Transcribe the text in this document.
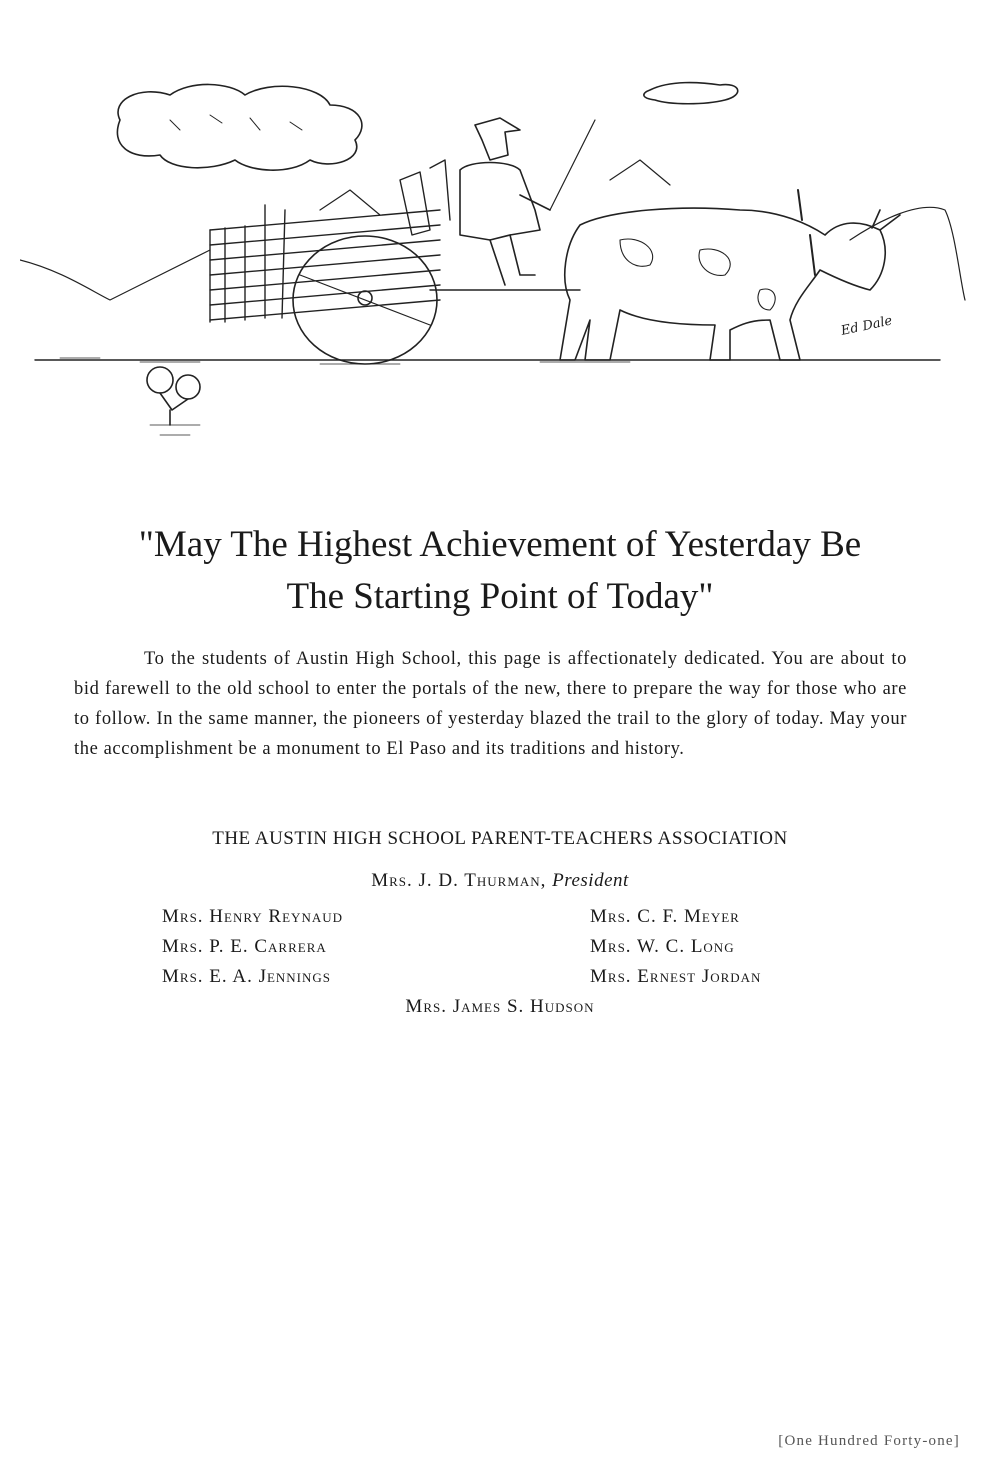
Ed Dale
"May The Highest Achievement of Yesterday Be
The Starting Point of Today"

To the students of Austin High School, this page is affectionately dedicated. You are about to bid farewell to the old school to enter the portals of the new, there to prepare the way for those who are to follow. In the same manner, the pioneers of yesterday blazed the trail to the glory of today. May your the accomplishment be a monument to El Paso and its traditions and history.

THE AUSTIN HIGH SCHOOL PARENT-TEACHERS ASSOCIATION
Mrs. J. D. Thurman, President
Mrs. Henry Reynaud
Mrs. P. E. Carrera
Mrs. E. A. Jennings
Mrs. C. F. Meyer
Mrs. W. C. Long
Mrs. Ernest Jordan
Mrs. James S. Hudson
[One Hundred Forty-one]
